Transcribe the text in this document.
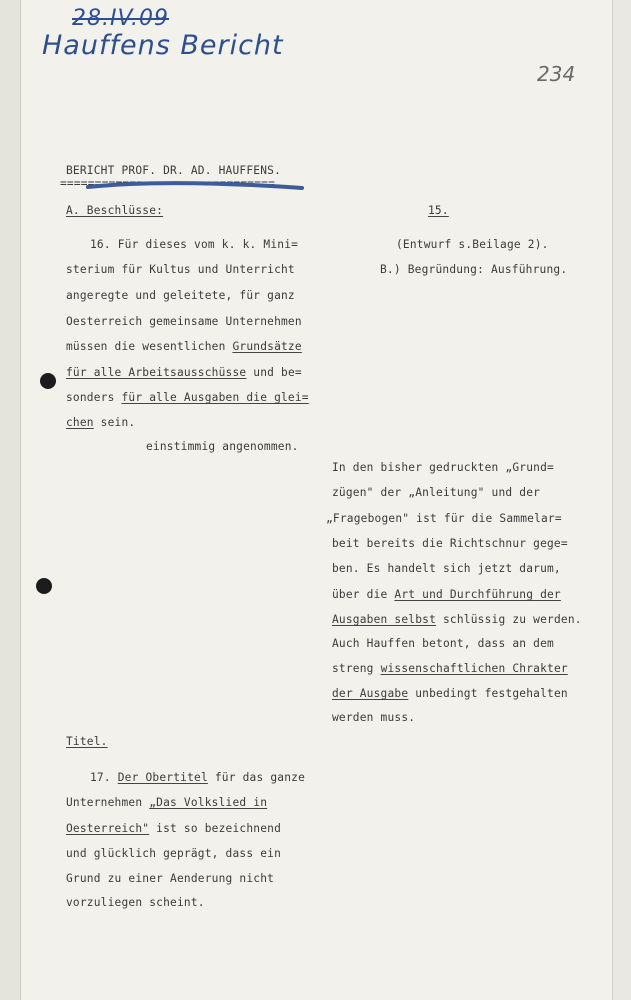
28.IV.09
Hauffens Bericht
234
BERICHT PROF. DR. AD. HAUFFENS.
===============================
A. Beschlüsse:	15.
16. Für dieses vom k. k. Mini=
sterium für Kultus und Unterricht
angeregte und geleitete, für ganz
Oesterreich gemeinsame Unternehmen
müssen die wesentlichen Grundsätze
für alle Arbeitsausschüsse und be=
sonders für alle Ausgaben die glei=
chen sein.
einstimmig angenommen.
(Entwurf s.Beilage 2).
B.) Begründung: Ausführung.
In den bisher gedruckten „Grund=
zügen" der „Anleitung" und der
„Fragebogen" ist für die Sammelar=
beit bereits die Richtschnur gege=
ben. Es handelt sich jetzt darum,
über die Art und Durchführung der
Ausgaben selbst schlüssig zu werden.
Auch Hauffen betont, dass an dem
streng wissenschaftlichen Chrakter
der Ausgabe unbedingt festgehalten
werden muss.
Titel.
17. Der Obertitel für das ganze
Unternehmen „Das Volkslied in
Oesterreich" ist so bezeichnend
und glücklich geprägt, dass ein
Grund zu einer Aenderung nicht
vorzuliegen scheint.
